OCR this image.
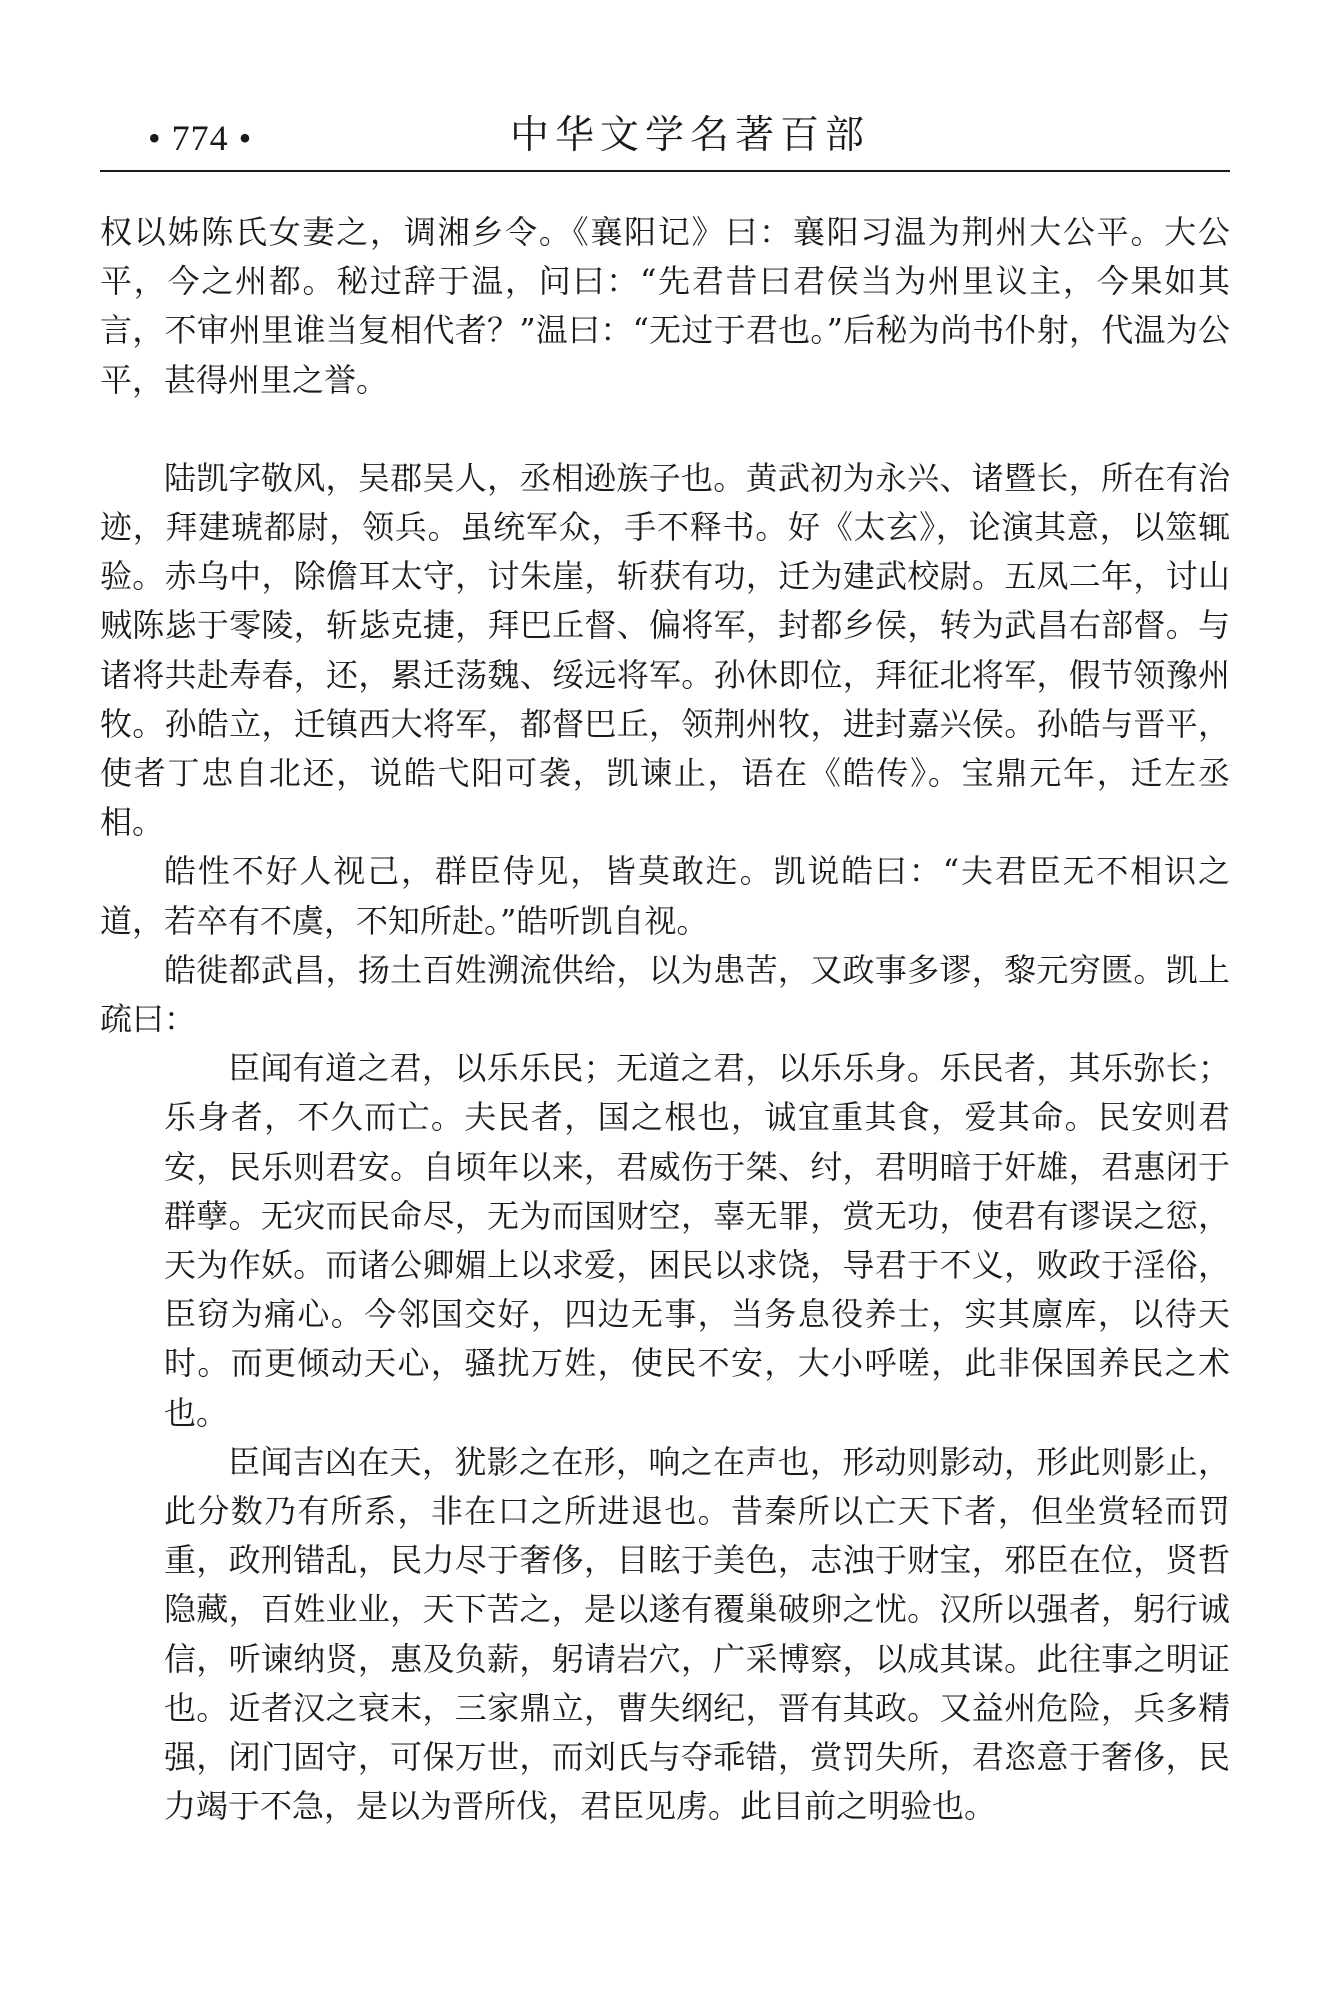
• 774 •	中华文学名著百部

权以姊陈氏女妻之，调湘乡令。《襄阳记》曰：襄阳习温为荆州大公平。大公平，今之州都。秘过辞于温，问曰：“先君昔曰君侯当为州里议主，今果如其言，不审州里谁当复相代者？”温曰：“无过于君也。”后秘为尚书仆射，代温为公平，甚得州里之誉。

陆凯字敬风，吴郡吴人，丞相逊族子也。黄武初为永兴、诸暨长，所在有治迹，拜建琥都尉，领兵。虽统军众，手不释书。好《太玄》，论演其意，以筮辄验。赤乌中，除儋耳太守，讨朱崖，斩获有功，迁为建武校尉。五凤二年，讨山贼陈毖于零陵，斩毖克捷，拜巴丘督、偏将军，封都乡侯，转为武昌右部督。与诸将共赴寿春，还，累迁荡魏、绥远将军。孙休即位，拜征北将军，假节领豫州牧。孙皓立，迁镇西大将军，都督巴丘，领荆州牧，进封嘉兴侯。孙皓与晋平，使者丁忠自北还，说皓弋阳可袭，凯谏止，语在《皓传》。宝鼎元年，迁左丞相。

皓性不好人视己，群臣侍见，皆莫敢迕。凯说皓曰：“夫君臣无不相识之道，若卒有不虞，不知所赴。”皓听凯自视。

皓徙都武昌，扬土百姓溯流供给，以为患苦，又政事多谬，黎元穷匮。凯上疏曰：

臣闻有道之君，以乐乐民；无道之君，以乐乐身。乐民者，其乐弥长；乐身者，不久而亡。夫民者，国之根也，诚宜重其食，爱其命。民安则君安，民乐则君安。自顷年以来，君威伤于桀、纣，君明暗于奸雄，君惠闭于群孽。无灾而民命尽，无为而国财空，辜无罪，赏无功，使君有谬误之愆，天为作妖。而诸公卿媚上以求爱，困民以求饶，导君于不义，败政于淫俗，臣窃为痛心。今邻国交好，四边无事，当务息役养士，实其廪库，以待天时。而更倾动天心，骚扰万姓，使民不安，大小呼嗟，此非保国养民之术也。

臣闻吉凶在天，犹影之在形，响之在声也，形动则影动，形此则影止，此分数乃有所系，非在口之所进退也。昔秦所以亡天下者，但坐赏轻而罚重，政刑错乱，民力尽于奢侈，目眩于美色，志浊于财宝，邪臣在位，贤哲隐藏，百姓业业，天下苦之，是以遂有覆巢破卵之忧。汉所以强者，躬行诚信，听谏纳贤，惠及负薪，躬请岩穴，广采博察，以成其谋。此往事之明证也。近者汉之衰末，三家鼎立，曹失纲纪，晋有其政。又益州危险，兵多精强，闭门固守，可保万世，而刘氏与夺乖错，赏罚失所，君恣意于奢侈，民力竭于不急，是以为晋所伐，君臣见虏。此目前之明验也。
